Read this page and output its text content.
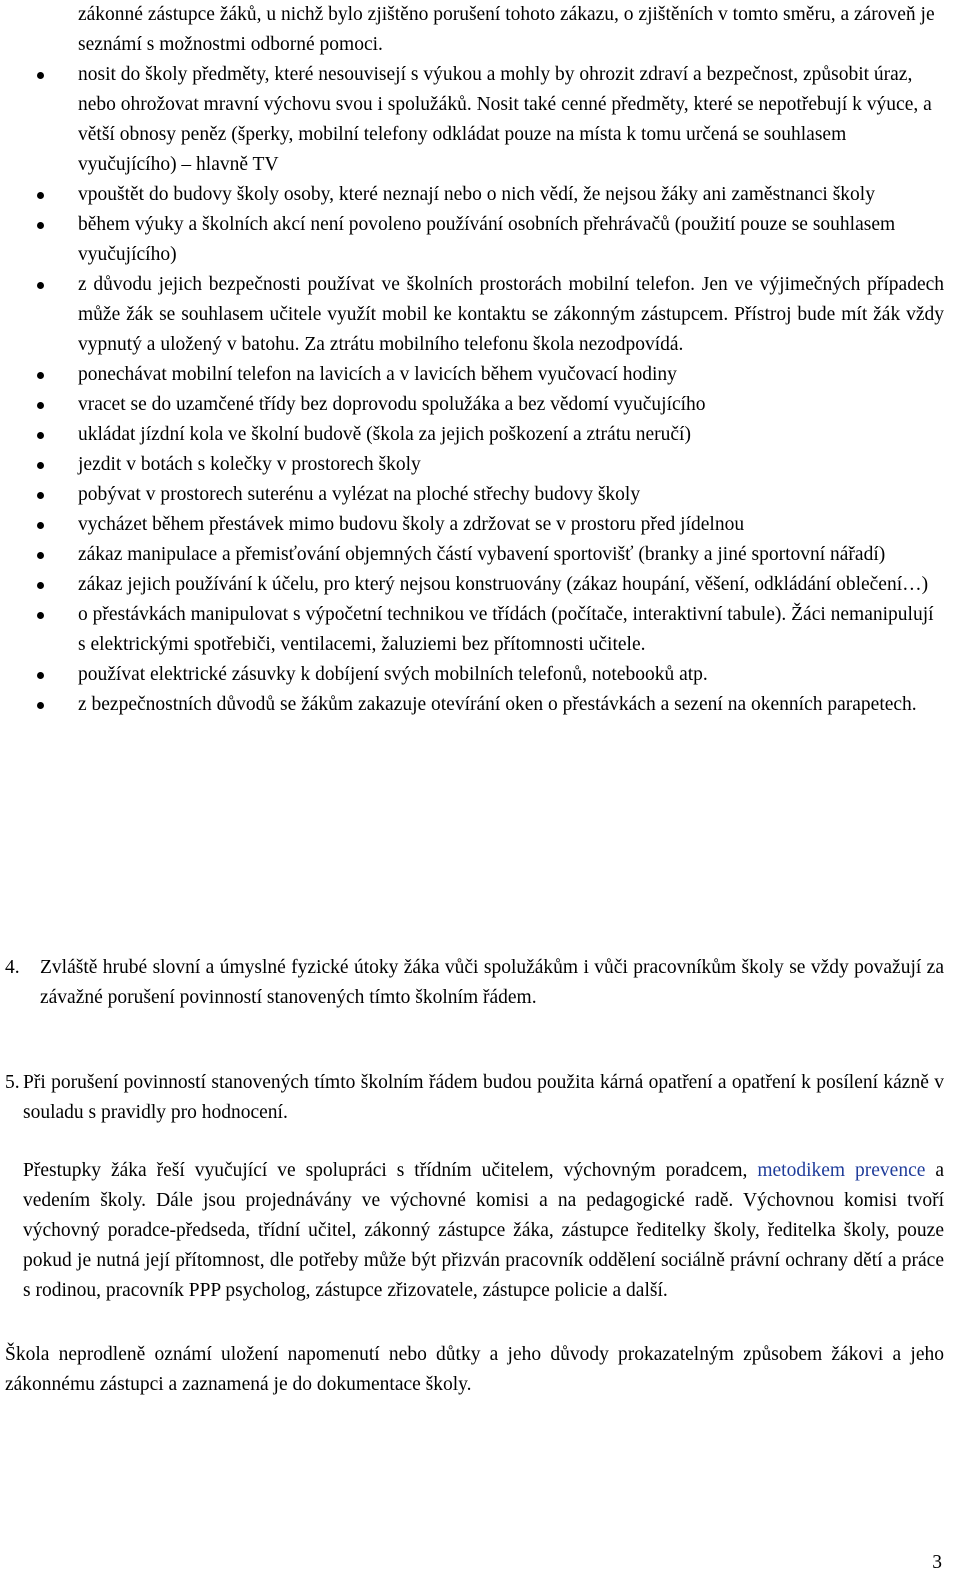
zákonné zástupce žáků, u nichž bylo zjištěno porušení tohoto zákazu, o zjištěních v tomto směru, a zároveň je seznámí s možnostmi odborné pomoci.
nosit do školy předměty, které nesouvisejí s výukou a mohly by ohrozit zdraví a bezpečnost, způsobit úraz, nebo ohrožovat mravní výchovu svou i spolužáků. Nosit také cenné předměty, které se nepotřebují k výuce, a větší obnosy peněz (šperky, mobilní telefony odkládat pouze na místa k tomu určená se souhlasem vyučujícího) – hlavně TV
vpouštět do budovy školy osoby, které neznají nebo o nich vědí, že nejsou žáky ani zaměstnanci školy
během výuky a školních akcí není povoleno používání osobních přehrávačů (použití pouze se souhlasem vyučujícího)
z důvodu jejich bezpečnosti používat ve školních prostorách mobilní telefon. Jen ve výjimečných případech může žák se souhlasem učitele využít mobil ke kontaktu se zákonným zástupcem. Přístroj bude mít žák vždy vypnutý a uložený v batohu. Za ztrátu mobilního telefonu škola nezodpovídá.
ponechávat mobilní telefon na lavicích a v lavicích během vyučovací hodiny
vracet se do uzamčené třídy bez doprovodu spolužáka a bez vědomí vyučujícího
ukládat jízdní kola ve školní budově (škola za jejich poškození a ztrátu neručí)
jezdit v botách s kolečky v prostorech školy
pobývat v prostorech suterénu a vylézat na ploché střechy budovy školy
vycházet během přestávek mimo budovu školy a zdržovat se v prostoru před jídelnou
zákaz manipulace a přemisťování objemných částí vybavení sportovišť (branky a jiné sportovní nářadí)
zákaz jejich používání k účelu, pro který nejsou konstruovány (zákaz houpání, věšení, odkládání oblečení…)
o přestávkách manipulovat s výpočetní technikou ve třídách (počítače, interaktivní tabule). Žáci nemanipulují s elektrickými spotřebiči, ventilacemi, žaluziemi bez přítomnosti učitele.
používat elektrické zásuvky k dobíjení svých mobilních telefonů, notebooků atp.
z bezpečnostních důvodů se žákům zakazuje otevírání oken o přestávkách a sezení na okenních parapetech.
4.	Zvláště hrubé slovní a úmyslné fyzické útoky žáka vůči spolužákům i vůči pracovníkům školy se vždy považují za závažné porušení povinností stanovených tímto školním řádem.
5. Při porušení povinností stanovených tímto školním řádem budou použita kárná opatření a opatření k posílení kázně v souladu s pravidly pro hodnocení.
Přestupky žáka řeší vyučující ve spolupráci s třídním učitelem, výchovným poradcem, metodikem prevence a vedením školy. Dále jsou projednávány ve výchovné komisi a na pedagogické radě. Výchovnou komisi tvoří výchovný poradce-předseda, třídní učitel, zákonný zástupce žáka, zástupce ředitelky školy, ředitelka školy, pouze pokud je nutná její přítomnost, dle potřeby může být přizván pracovník oddělení sociálně právní ochrany dětí a práce s rodinou, pracovník PPP psycholog, zástupce zřizovatele, zástupce policie a další.
Škola neprodleně oznámí uložení napomenutí nebo důtky a jeho důvody prokazatelným způsobem žákovi a jeho zákonnému zástupci a zaznamená je do dokumentace školy.
3
